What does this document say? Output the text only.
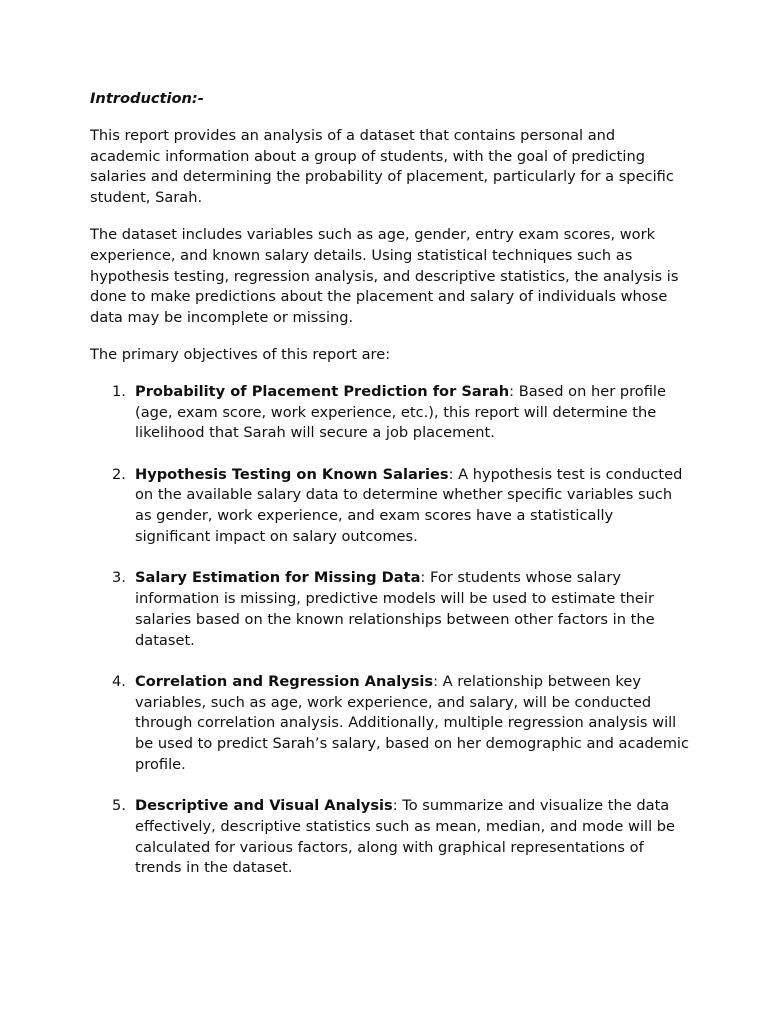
Introduction:-

This report provides an analysis of a dataset that contains personal and academic information about a group of students, with the goal of predicting salaries and determining the probability of placement, particularly for a specific student, Sarah.

The dataset includes variables such as age, gender, entry exam scores, work experience, and known salary details. Using statistical techniques such as hypothesis testing, regression analysis, and descriptive statistics, the analysis is done to make predictions about the placement and salary of individuals whose data may be incomplete or missing.

The primary objectives of this report are:

1. Probability of Placement Prediction for Sarah: Based on her profile (age, exam score, work experience, etc.), this report will determine the likelihood that Sarah will secure a job placement.
2. Hypothesis Testing on Known Salaries: A hypothesis test is conducted on the available salary data to determine whether specific variables such as gender, work experience, and exam scores have a statistically significant impact on salary outcomes.
3. Salary Estimation for Missing Data: For students whose salary information is missing, predictive models will be used to estimate their salaries based on the known relationships between other factors in the dataset.
4. Correlation and Regression Analysis: A relationship between key variables, such as age, work experience, and salary, will be conducted through correlation analysis. Additionally, multiple regression analysis will be used to predict Sarah’s salary, based on her demographic and academic profile.
5. Descriptive and Visual Analysis: To summarize and visualize the data effectively, descriptive statistics such as mean, median, and mode will be calculated for various factors, along with graphical representations of trends in the dataset.
